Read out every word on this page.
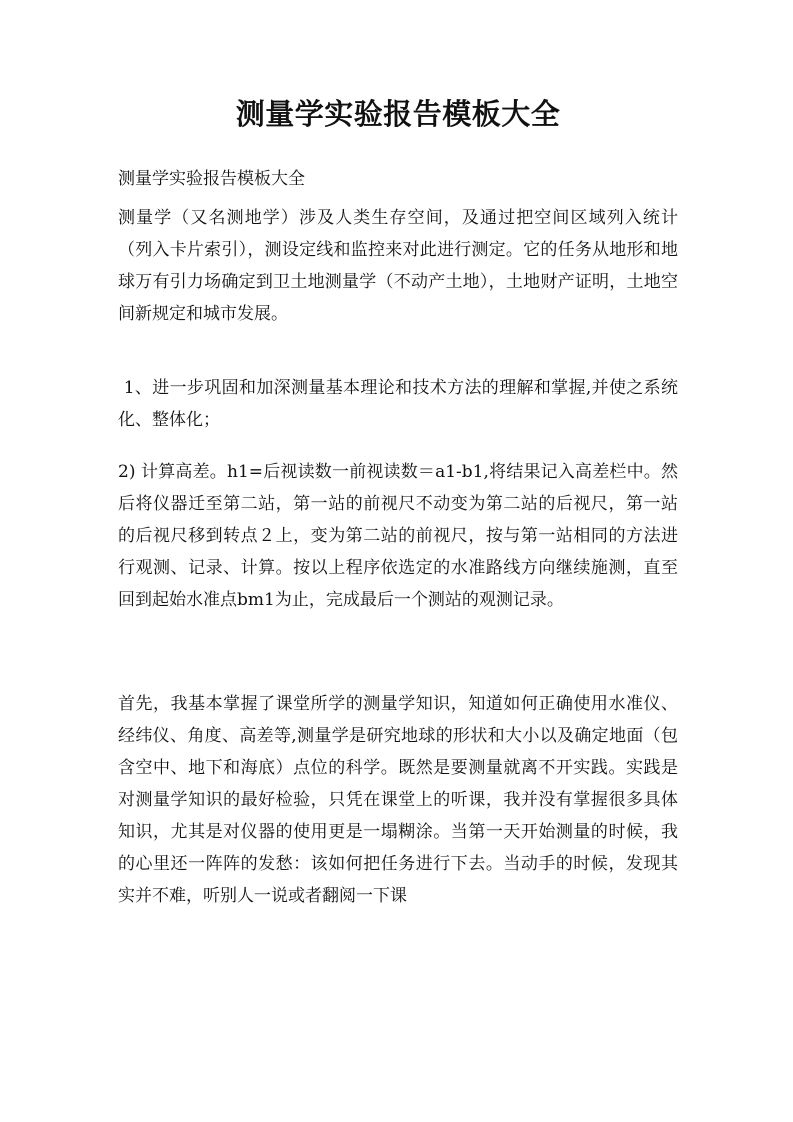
测量学实验报告模板大全

测量学实验报告模板大全

测量学（又名测地学）涉及人类生存空间，及通过把空间区域列入统计（列入卡片索引），测设定线和监控来对此进行测定。它的任务从地形和地球万有引力场确定到卫土地测量学（不动产土地），土地财产证明，土地空间新规定和城市发展。

1、进一步巩固和加深测量基本理论和技术方法的理解和掌握,并使之系统化、整体化；

2) 计算高差。h1=后视读数一前视读数＝a1-b1,将结果记入高差栏中。然后将仪器迁至第二站，第一站的前视尺不动变为第二站的后视尺，第一站的后视尺移到转点２上，变为第二站的前视尺，按与第一站相同的方法进行观测、记录、计算。按以上程序依选定的水准路线方向继续施测，直至回到起始水准点bm1为止，完成最后一个测站的观测记录。

首先，我基本掌握了课堂所学的测量学知识，知道如何正确使用水准仪、经纬仪、角度、高差等,测量学是研究地球的形状和大小以及确定地面（包含空中、地下和海底）点位的科学。既然是要测量就离不开实践。实践是对测量学知识的最好检验，只凭在课堂上的听课，我并没有掌握很多具体知识，尤其是对仪器的使用更是一塌糊涂。当第一天开始测量的时候，我的心里还一阵阵的发愁：该如何把任务进行下去。当动手的时候，发现其实并不难，听别人一说或者翻阅一下课
